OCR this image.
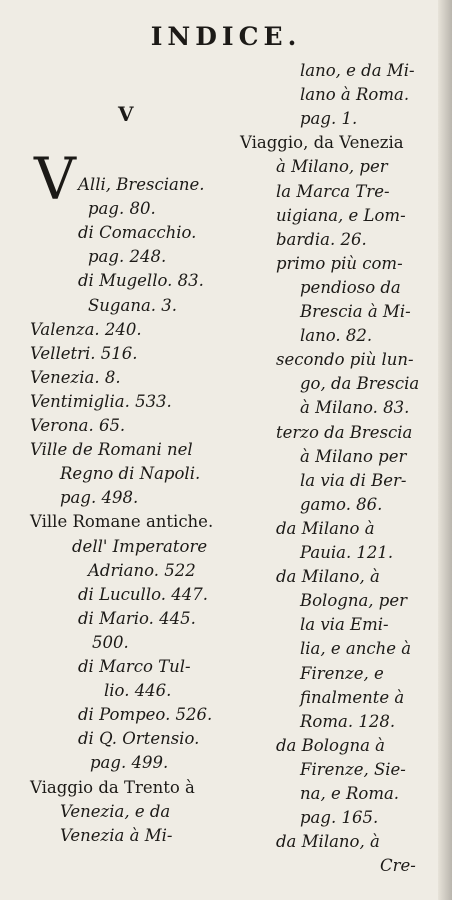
INDICE.
V
V Alli, Bresciane.
pag. 80.
di Comacchio.
pag. 248.
di Mugello. 83.
Sugana. 3.
Valenza. 240.
Velletri. 516.
Venezia. 8.
Ventimiglia. 533.
Verona. 65.
Ville de Romani nel
Regno di Napoli.
pag. 498.
Ville Romane antiche.
dell' Imperatore
Adriano. 522
di Lucullo. 447.
di Mario. 445.
500.
di Marco Tul-
lio. 446.
di Pompeo. 526.
di Q. Ortensio.
pag. 499.
Viaggio da Trento à
Venezia, e da
Venezia à Mi-
lano, e da Mi-
lano à Roma.
pag. 1.
Viaggio, da Venezia
à Milano, per
la Marca Tre-
uigiana, e Lom-
bardia. 26.
primo più com-
pendioso da
Brescia à Mi-
lano. 82.
secondo più lun-
go, da Brescia
à Milano. 83.
terzo da Brescia
à Milano per
la via di Ber-
gamo. 86.
da Milano à
Pauia. 121.
da Milano, à
Bologna, per
la via Emi-
lia, e anche à
Firenze, e
finalmente à
Roma. 128.
da Bologna à
Firenze, Sie-
na, e Roma.
pag. 165.
da Milano, à
Cre-
